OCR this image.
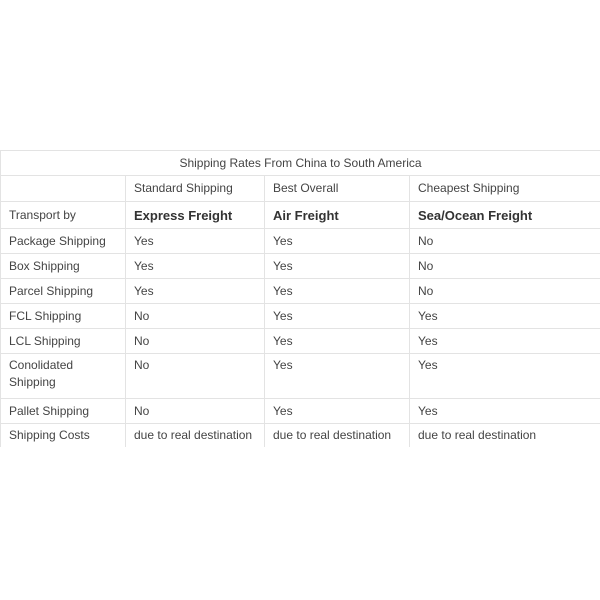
Shipping Rates From China to South America			
	Standard Shipping	Best Overall	Cheapest Shipping
Transport by	Express Freight	Air Freight	Sea/Ocean Freight
Package Shipping	Yes	Yes	No
Box Shipping	Yes	Yes	No
Parcel Shipping	Yes	Yes	No
FCL Shipping	No	Yes	Yes
LCL Shipping	No	Yes	Yes
Conolidated Shipping	No	Yes	Yes
Pallet Shipping	No	Yes	Yes
Shipping Costs	due to real destination	due to real destination	due to real destination
